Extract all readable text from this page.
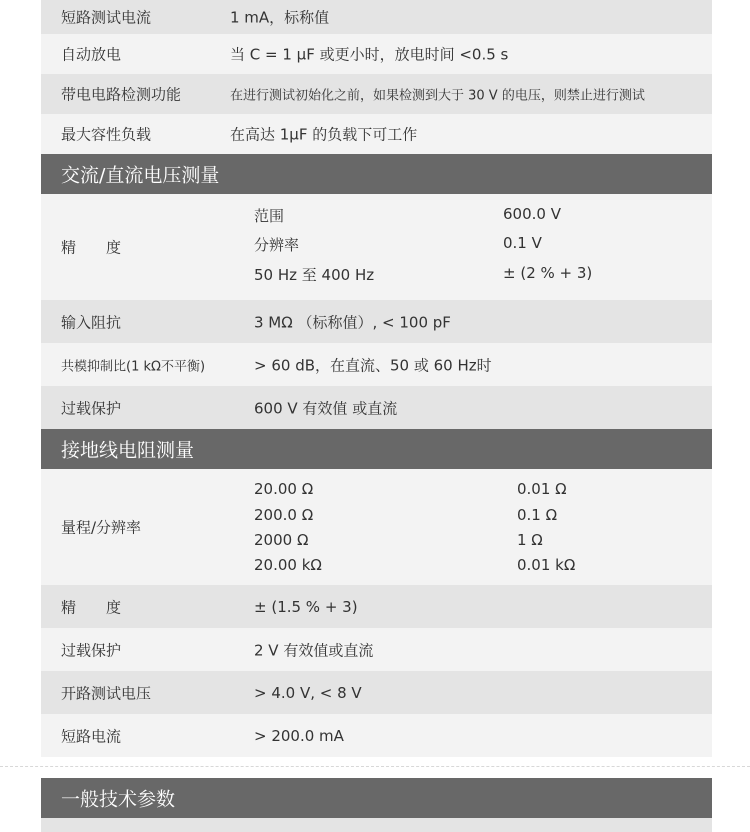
短路测试电流	1 mA，标称值
自动放电	当 C = 1 μF 或更小时，放电时间 <0.5 s
带电电路检测功能	在进行测试初始化之前，如果检测到大于 30 V 的电压，则禁止进行测试
最大容性负载	在高达 1μF 的负载下可工作
交流/直流电压测量
精　　度
范围	600.0 V
分辨率	0.1 V
50 Hz 至 400 Hz	± (2 % + 3)
输入阻抗	3 MΩ （标称值）, < 100 pF
共模抑制比(1 kΩ不平衡)	> 60 dB，在直流、50 或 60 Hz时
过载保护	600 V 有效值 或直流
接地线电阻测量
量程/分辨率
20.00 Ω	0.01 Ω
200.0 Ω	0.1 Ω
2000 Ω	1 Ω
20.00 kΩ	0.01 kΩ
精　　度	± (1.5 % + 3)
过载保护	2 V 有效值或直流
开路测试电压	> 4.0 V, < 8 V
短路电流	> 200.0 mA
一般技术参数
